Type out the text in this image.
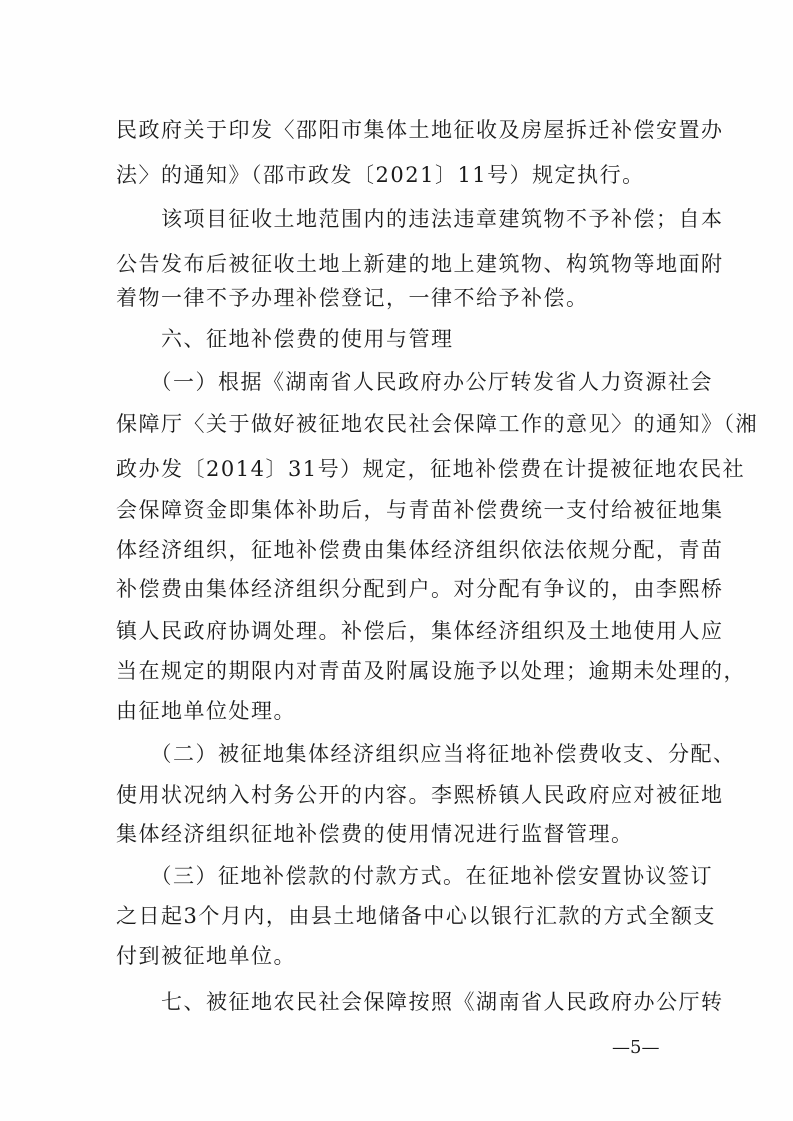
民政府关于印发〈邵阳市集体土地征收及房屋拆迁补偿安置办
法〉的通知》（邵市政发〔2021〕11号）规定执行。
　　该项目征收土地范围内的违法违章建筑物不予补偿；自本
公告发布后被征收土地上新建的地上建筑物、构筑物等地面附
着物一律不予办理补偿登记，一律不给予补偿。
　　六、征地补偿费的使用与管理
　　（一）根据《湖南省人民政府办公厅转发省人力资源社会
保障厅〈关于做好被征地农民社会保障工作的意见〉的通知》（湘
政办发〔2014〕31号）规定，征地补偿费在计提被征地农民社
会保障资金即集体补助后，与青苗补偿费统一支付给被征地集
体经济组织，征地补偿费由集体经济组织依法依规分配，青苗
补偿费由集体经济组织分配到户。对分配有争议的，由李熙桥
镇人民政府协调处理。补偿后，集体经济组织及土地使用人应
当在规定的期限内对青苗及附属设施予以处理；逾期未处理的，
由征地单位处理。
　　（二）被征地集体经济组织应当将征地补偿费收支、分配、
使用状况纳入村务公开的内容。李熙桥镇人民政府应对被征地
集体经济组织征地补偿费的使用情况进行监督管理。
　　（三）征地补偿款的付款方式。在征地补偿安置协议签订
之日起3个月内，由县土地储备中心以银行汇款的方式全额支
付到被征地单位。
　　七、被征地农民社会保障按照《湖南省人民政府办公厅转
—5—
